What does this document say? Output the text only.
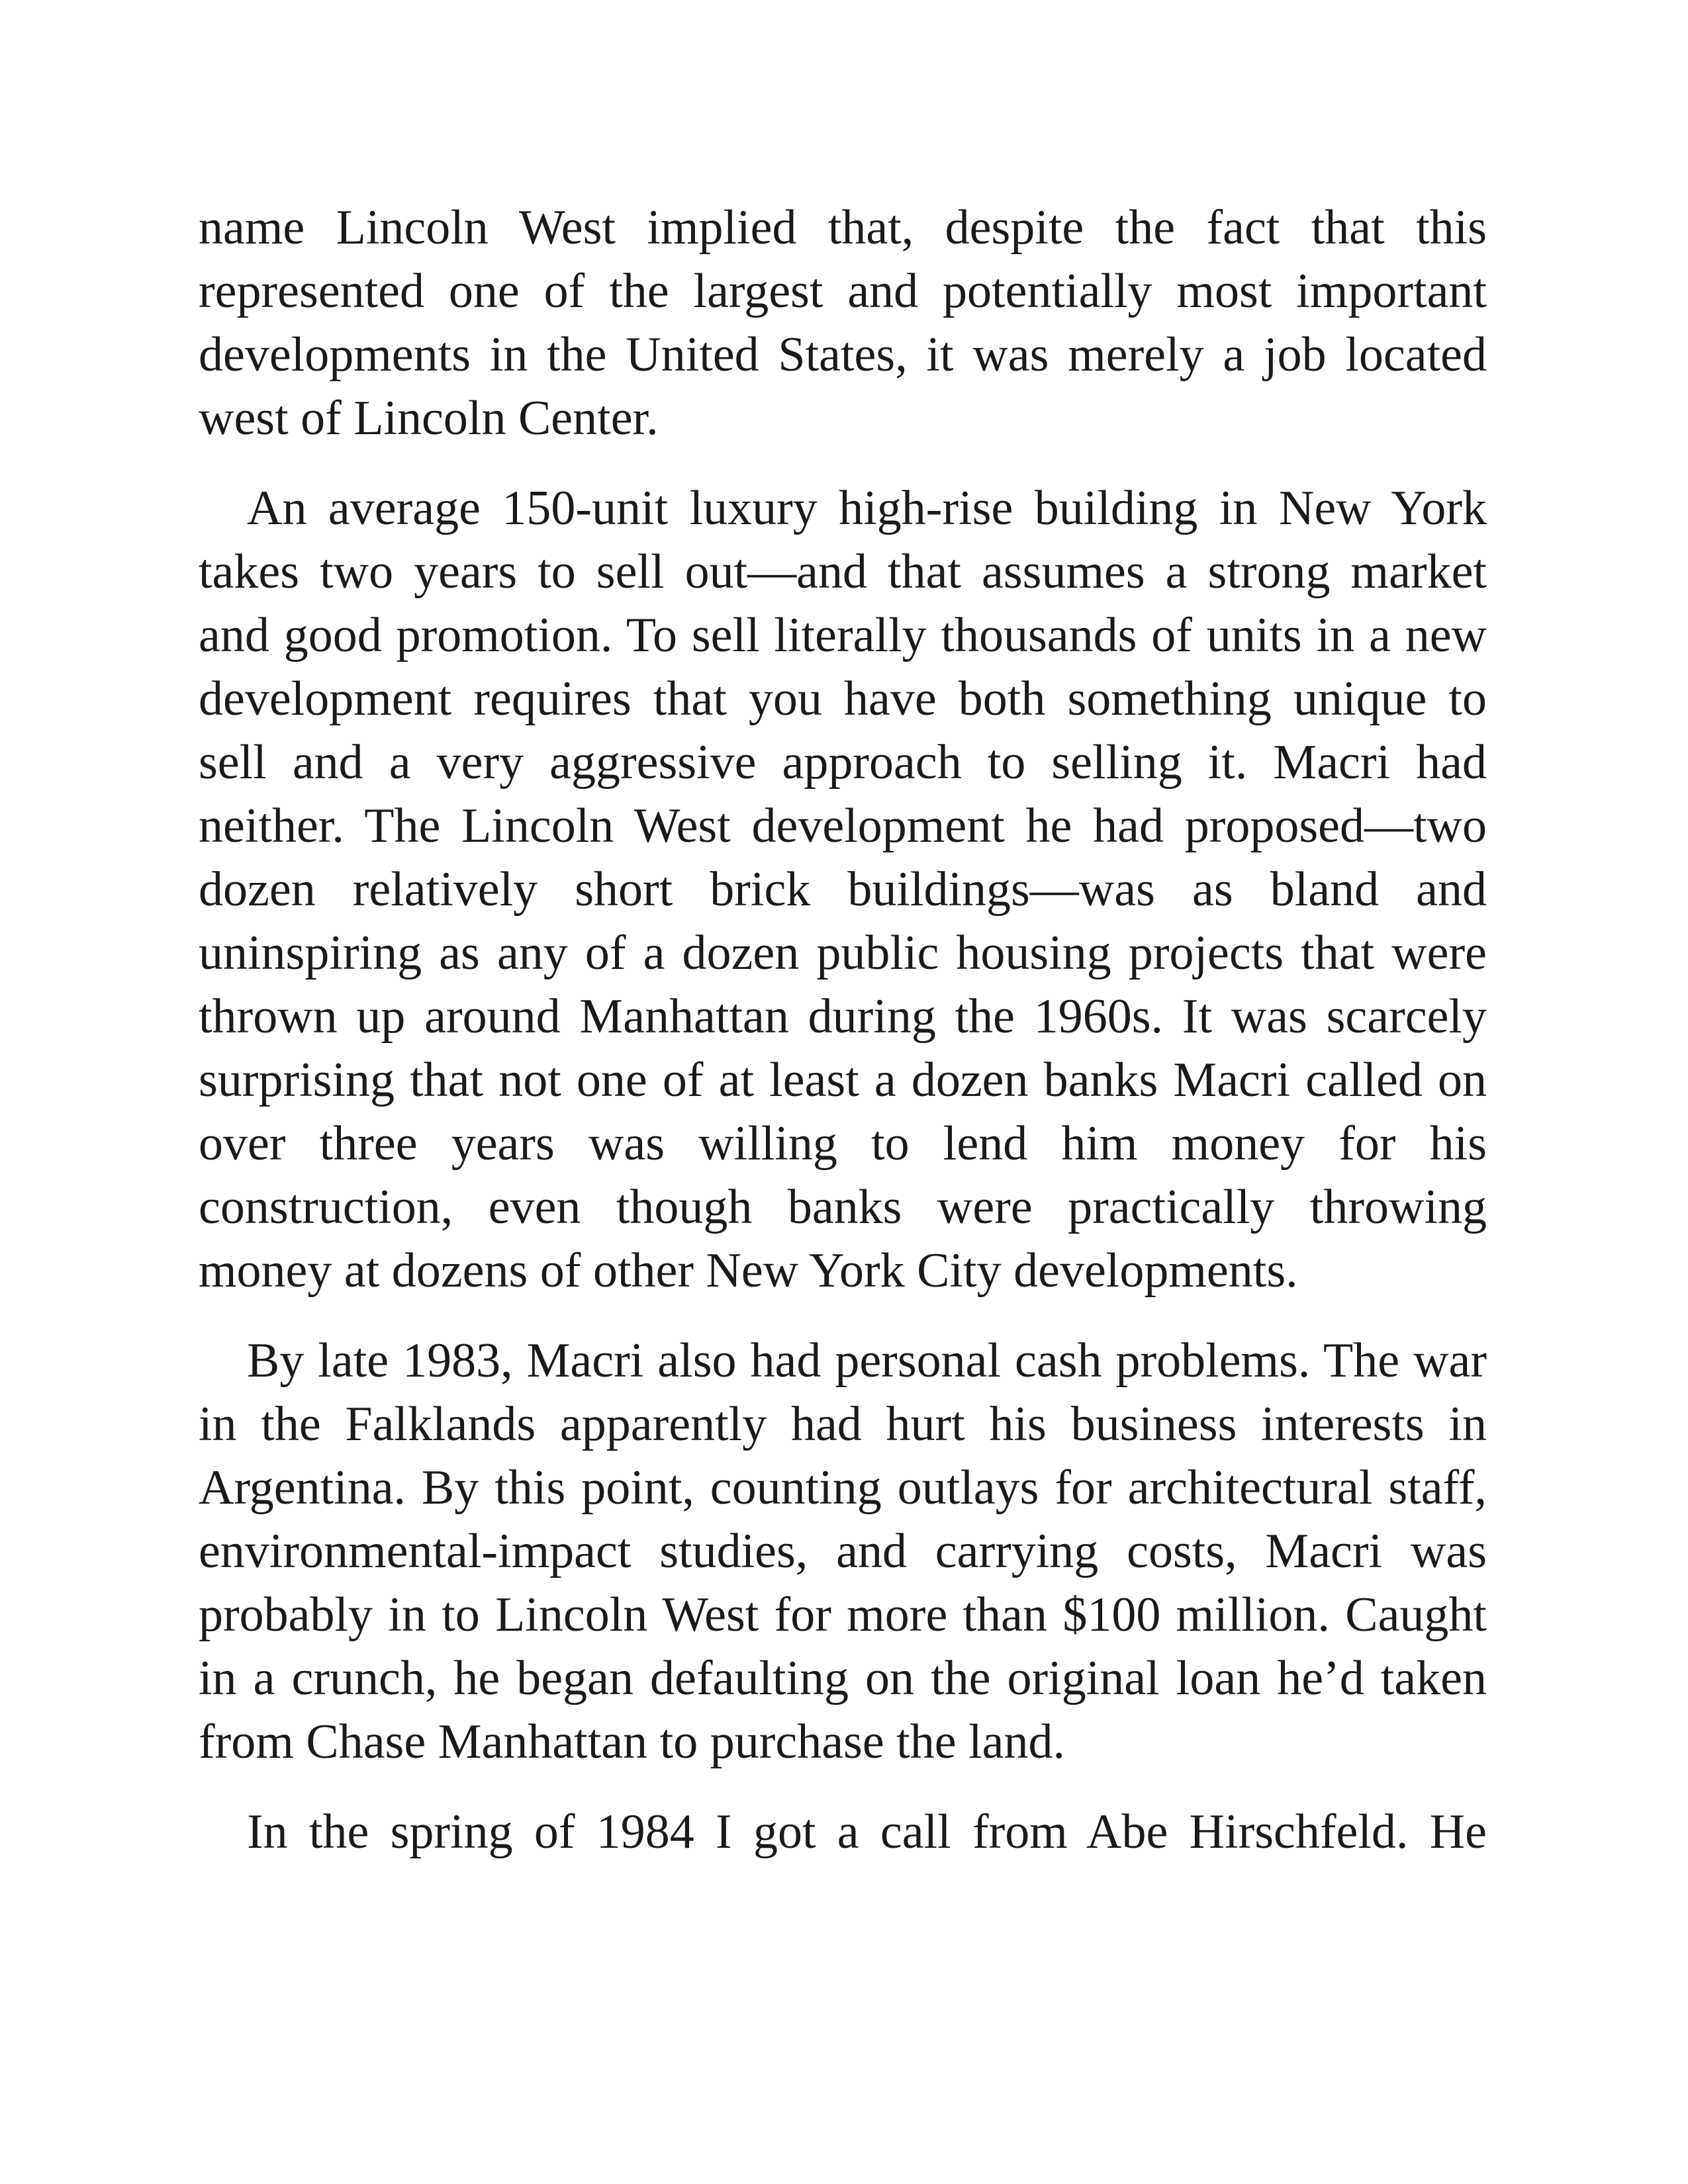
name Lincoln West implied that, despite the fact that this represented one of the largest and potentially most important developments in the United States, it was merely a job located west of Lincoln Center.

An average 150-unit luxury high-rise building in New York takes two years to sell out—and that assumes a strong market and good promotion. To sell literally thousands of units in a new development requires that you have both something unique to sell and a very aggressive approach to selling it. Macri had neither. The Lincoln West development he had proposed—two dozen relatively short brick buildings—was as bland and uninspiring as any of a dozen public housing projects that were thrown up around Manhattan during the 1960s. It was scarcely surprising that not one of at least a dozen banks Macri called on over three years was willing to lend him money for his construction, even though banks were practically throwing money at dozens of other New York City developments.

By late 1983, Macri also had personal cash problems. The war in the Falklands apparently had hurt his business interests in Argentina. By this point, counting outlays for architectural staff, environmental-impact studies, and carrying costs, Macri was probably in to Lincoln West for more than $100 million. Caught in a crunch, he began defaulting on the original loan he’d taken from Chase Manhattan to purchase the land.

In the spring of 1984 I got a call from Abe Hirschfeld. He
